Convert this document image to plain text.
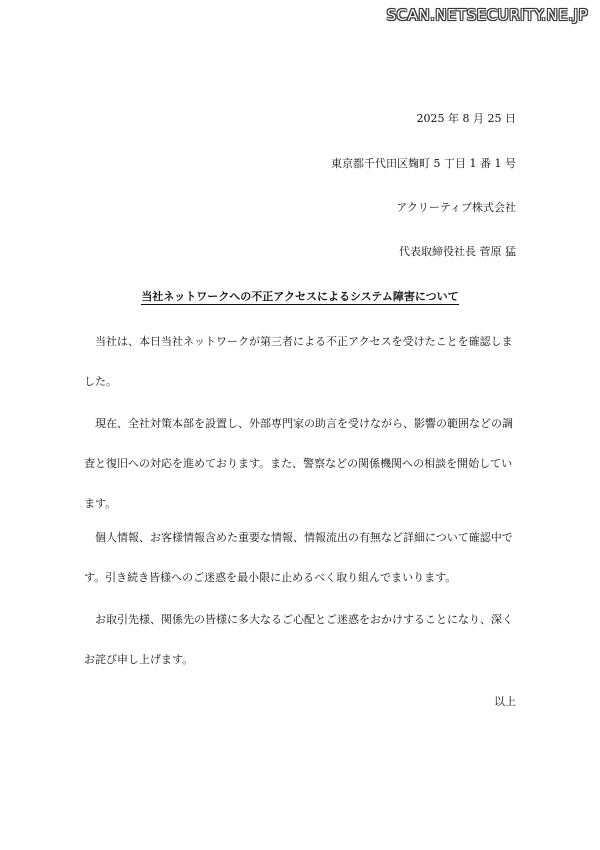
SCAN.NETSECURITY.NE.JP
2025 年 8 月 25 日
東京都千代田区麹町 5 丁目 1 番 1 号
アクリーティブ株式会社
代表取締役社長 菅原 猛
当社ネットワークへの不正アクセスによるシステム障害について

当社は、本日当社ネットワークが第三者による不正アクセスを受けたことを確認しました。

現在、全社対策本部を設置し、外部専門家の助言を受けながら、影響の範囲などの調査と復旧への対応を進めております。また、警察などの関係機関への相談を開始しています。

個人情報、お客様情報含めた重要な情報、情報流出の有無など詳細について確認中です。引き続き皆様へのご迷惑を最小限に止めるべく取り組んでまいります。

お取引先様、関係先の皆様に多大なるご心配とご迷惑をおかけすることになり、深くお詫び申し上げます。

以上
